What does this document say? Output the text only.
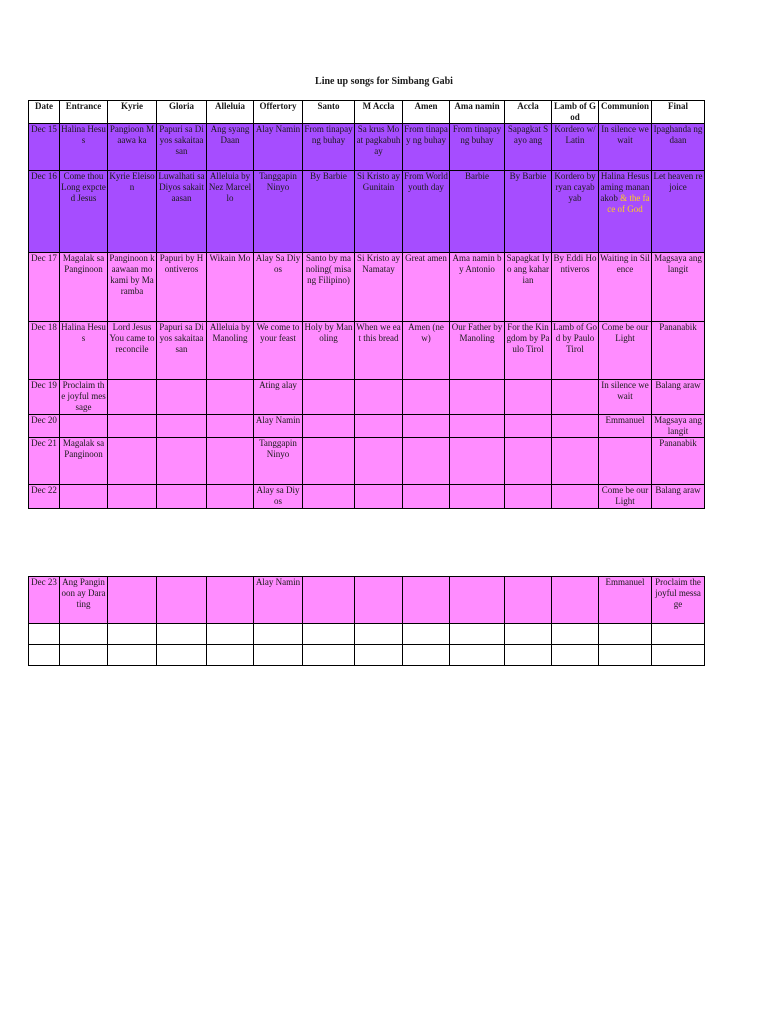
Line up songs for Simbang Gabi
Date	Entrance	Kyrie	Gloria	Alleluia	Offertory	Santo	M Accla	Amen	Ama namin	Accla	Lamb of God	Communion	Final
Dec 15	Halina Hesus	Pangioon Maawa ka	Papuri sa Diyos sakaitaasan	Ang syang Daan	Alay Namin	From tinapay ng buhay	Sa krus Mo at pagkabuhay	From tinapay ng buhay	From tinapay ng buhay	Sapagkat Sayo ang	Kordero w/ Latin	In silence we wait	Ipaghanda ng daan
Dec 16	Come thou Long expcted Jesus	Kyrie Eleison	Luwalhati sa Diyos sakaitaasan	Alleluia by Nez Marcello	Tanggapin Ninyo	By Barbie	Si Kristo ay Gunitain	From World youth day	Barbie	By Barbie	Kordero by ryan cayab yab	Halina Hesus aming mananakob & the face of God	Let heaven rejoice
Dec 17	Magalak sa Panginoon	Panginoon kaawaan mo kami by Maramba	Papuri by Hontiveros	Wikain Mo	Alay Sa Diyos	Santo by manoling( misang Filipino)	Si Kristo ay Namatay	Great amen	Ama namin by Antonio	Sapagkat Iyo ang kaharian	By Eddi Hontiveros	Waiting in Silence	Magsaya ang langit
Dec 18	Halina Hesus	Lord Jesus You came to reconcile	Papuri sa Diyos sakaitaasan	Alleluia by Manoling	We come to your feast	Holy by Manoling	When we eat this bread	Amen (new)	Our Father by Manoling	For the Kingdom by Paulo Tirol	Lamb of God by Paulo Tirol	Come be our Light	Pananabik
Dec 19	Proclaim the joyful message				Ating alay							In silence we wait	Balang araw
Dec 20					Alay Namin							Emmanuel	Magsaya ang langit
Dec 21	Magalak sa Panginoon				Tanggapin Ninyo								Pananabik
Dec 22					Alay sa Diyos							Come be our Light	Balang araw
Dec 23	Ang Panginoon ay Darating				Alay Namin							Emmanuel	Proclaim the joyful message
